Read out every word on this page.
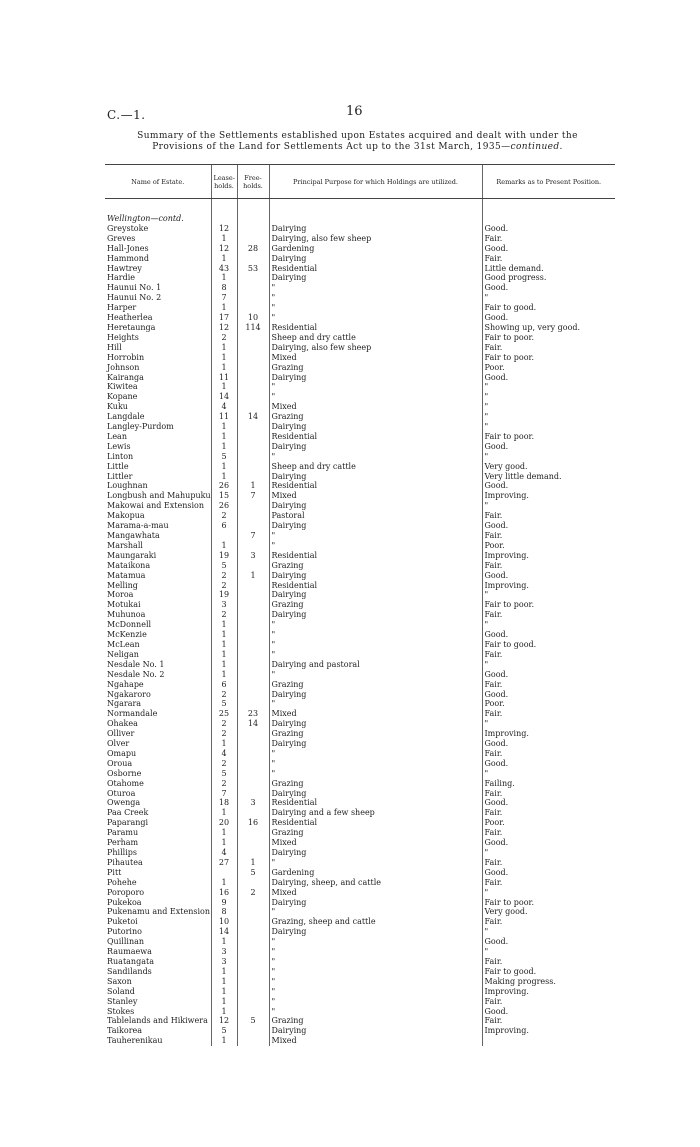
C.—1.	16
Summary of the Settlements established upon Estates acquired and dealt with under the
Provisions of the Land for Settlements Act up to the 31st March, 1935—continued.
Name of Estate.	Lease-holds.	Free-holds.	Principal Purpose for which Holdings are utilized.	Remarks as to Present Position.

Wellington—contd.				
Greystoke	12		Dairying	Good.
Greves	1		Dairying, also few sheep	Fair.
Hall-Jones	12	28	Gardening	Good.
Hammond	1		Dairying	Fair.
Hawtrey	43	53	Residential	Little demand.
Hardie	1		Dairying	Good progress.
Haunui No. 1	8		"	Good.
Haunui No. 2	7		"	"
Harper	1		"	Fair to good.
Heatherlea	17	10	"	Good.
Heretaunga	12	114	Residential	Showing up, very good.
Heights	2		Sheep and dry cattle	Fair to poor.
Hill	1		Dairying, also few sheep	Fair.
Horrobin	1		Mixed	Fair to poor.
Johnson	1		Grazing	Poor.
Kairanga	11		Dairying	Good.
Kiwitea	1		"	"
Kopane	14		"	"
Kuku	4		Mixed	"
Langdale	11	14	Grazing	"
Langley-Purdom	1		Dairying	"
Lean	1		Residential	Fair to poor.
Lewis	1		Dairying	Good.
Linton	5		"	"
Little	1		Sheep and dry cattle	Very good.
Littler	1		Dairying	Very little demand.
Loughnan	26	1	Residential	Good.
Longbush and Mahupuku	15	7	Mixed	Improving.
Makowai and Extension	26		Dairying	"
Makopua	2		Pastoral	Fair.
Marama-a-mau	6		Dairying	Good.
Mangawhata		7	"	Fair.
Marshall	1		"	Poor.
Maungaraki	19	3	Residential	Improving.
Mataikona	5		Grazing	Fair.
Matamua	2	1	Dairying	Good.
Melling	2		Residential	Improving.
Moroa	19		Dairying	"
Motukai	3		Grazing	Fair to poor.
Muhunoa	2		Dairying	Fair.
McDonnell	1		"	"
McKenzie	1		"	Good.
McLean	1		"	Fair to good.
Neligan	1		"	Fair.
Nesdale No. 1	1		Dairying and pastoral	"
Nesdale No. 2	1		"	Good.
Ngahape	6		Grazing	Fair.
Ngakaroro	2		Dairying	Good.
Ngarara	5		"	Poor.
Normandale	25	23	Mixed	Fair.
Ohakea	2	14	Dairying	"
Olliver	2		Grazing	Improving.
Olver	1		Dairying	Good.
Omapu	4		"	Fair.
Oroua	2		"	Good.
Osborne	5		"	"
Otahome	2		Grazing	Failing.
Oturoa	7		Dairying	Fair.
Owenga	18	3	Residential	Good.
Paa Creek	1		Dairying and a few sheep	Fair.
Paparangi	20	16	Residential	Poor.
Paramu	1		Grazing	Fair.
Perham	1		Mixed	Good.
Phillips	4		Dairying	"
Pihautea	27	1	"	Fair.
Pitt		5	Gardening	Good.
Pohehe	1		Dairying, sheep, and cattle	Fair.
Poroporo	16	2	Mixed	"
Pukekoa	9		Dairying	Fair to poor.
Pukenamu and Extension	8		"	Very good.
Puketoi	10		Grazing, sheep and cattle	Fair.
Putorino	14		Dairying	"
Quillinan	1		"	Good.
Raumaewa	3		"	"
Ruatangata	3		"	Fair.
Sandilands	1		"	Fair to good.
Saxon	1		"	Making progress.
Soland	1		"	Improving.
Stanley	1		"	Fair.
Stokes	1		"	Good.
Tablelands and Hikiwera	12	5	Grazing	Fair.
Taikorea	5		Dairying	Improving.
Tauherenikau	1		Mixed	
